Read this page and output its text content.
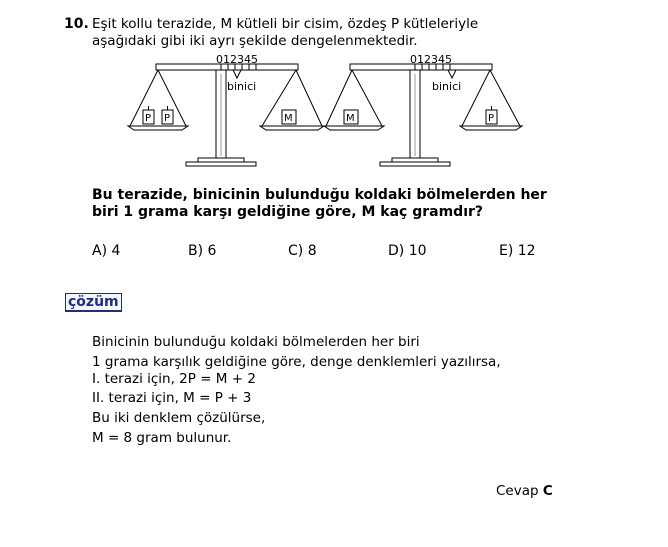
10. Eşit kollu terazide, M kütleli bir cisim, özdeş P kütleleriyle
aşağıdaki gibi iki ayrı şekilde dengelenmektedir.
012345
binici
P P	M
012345
binici
M	P
Bu terazide, binicinin bulunduğu koldaki bölmelerden her
biri 1 grama karşı geldiğine göre, M kaç gramdır?
A) 4	B) 6	C) 8	D) 10	E) 12
çözüm
Binicinin bulunduğu koldaki bölmelerden her biri
1 grama karşılık geldiğine göre, denge denklemleri yazılırsa,
I. terazi için, 2P = M + 2
II. terazi için, M = P + 3
Bu iki denklem çözülürse,
M = 8 gram bulunur.
Cevap C
